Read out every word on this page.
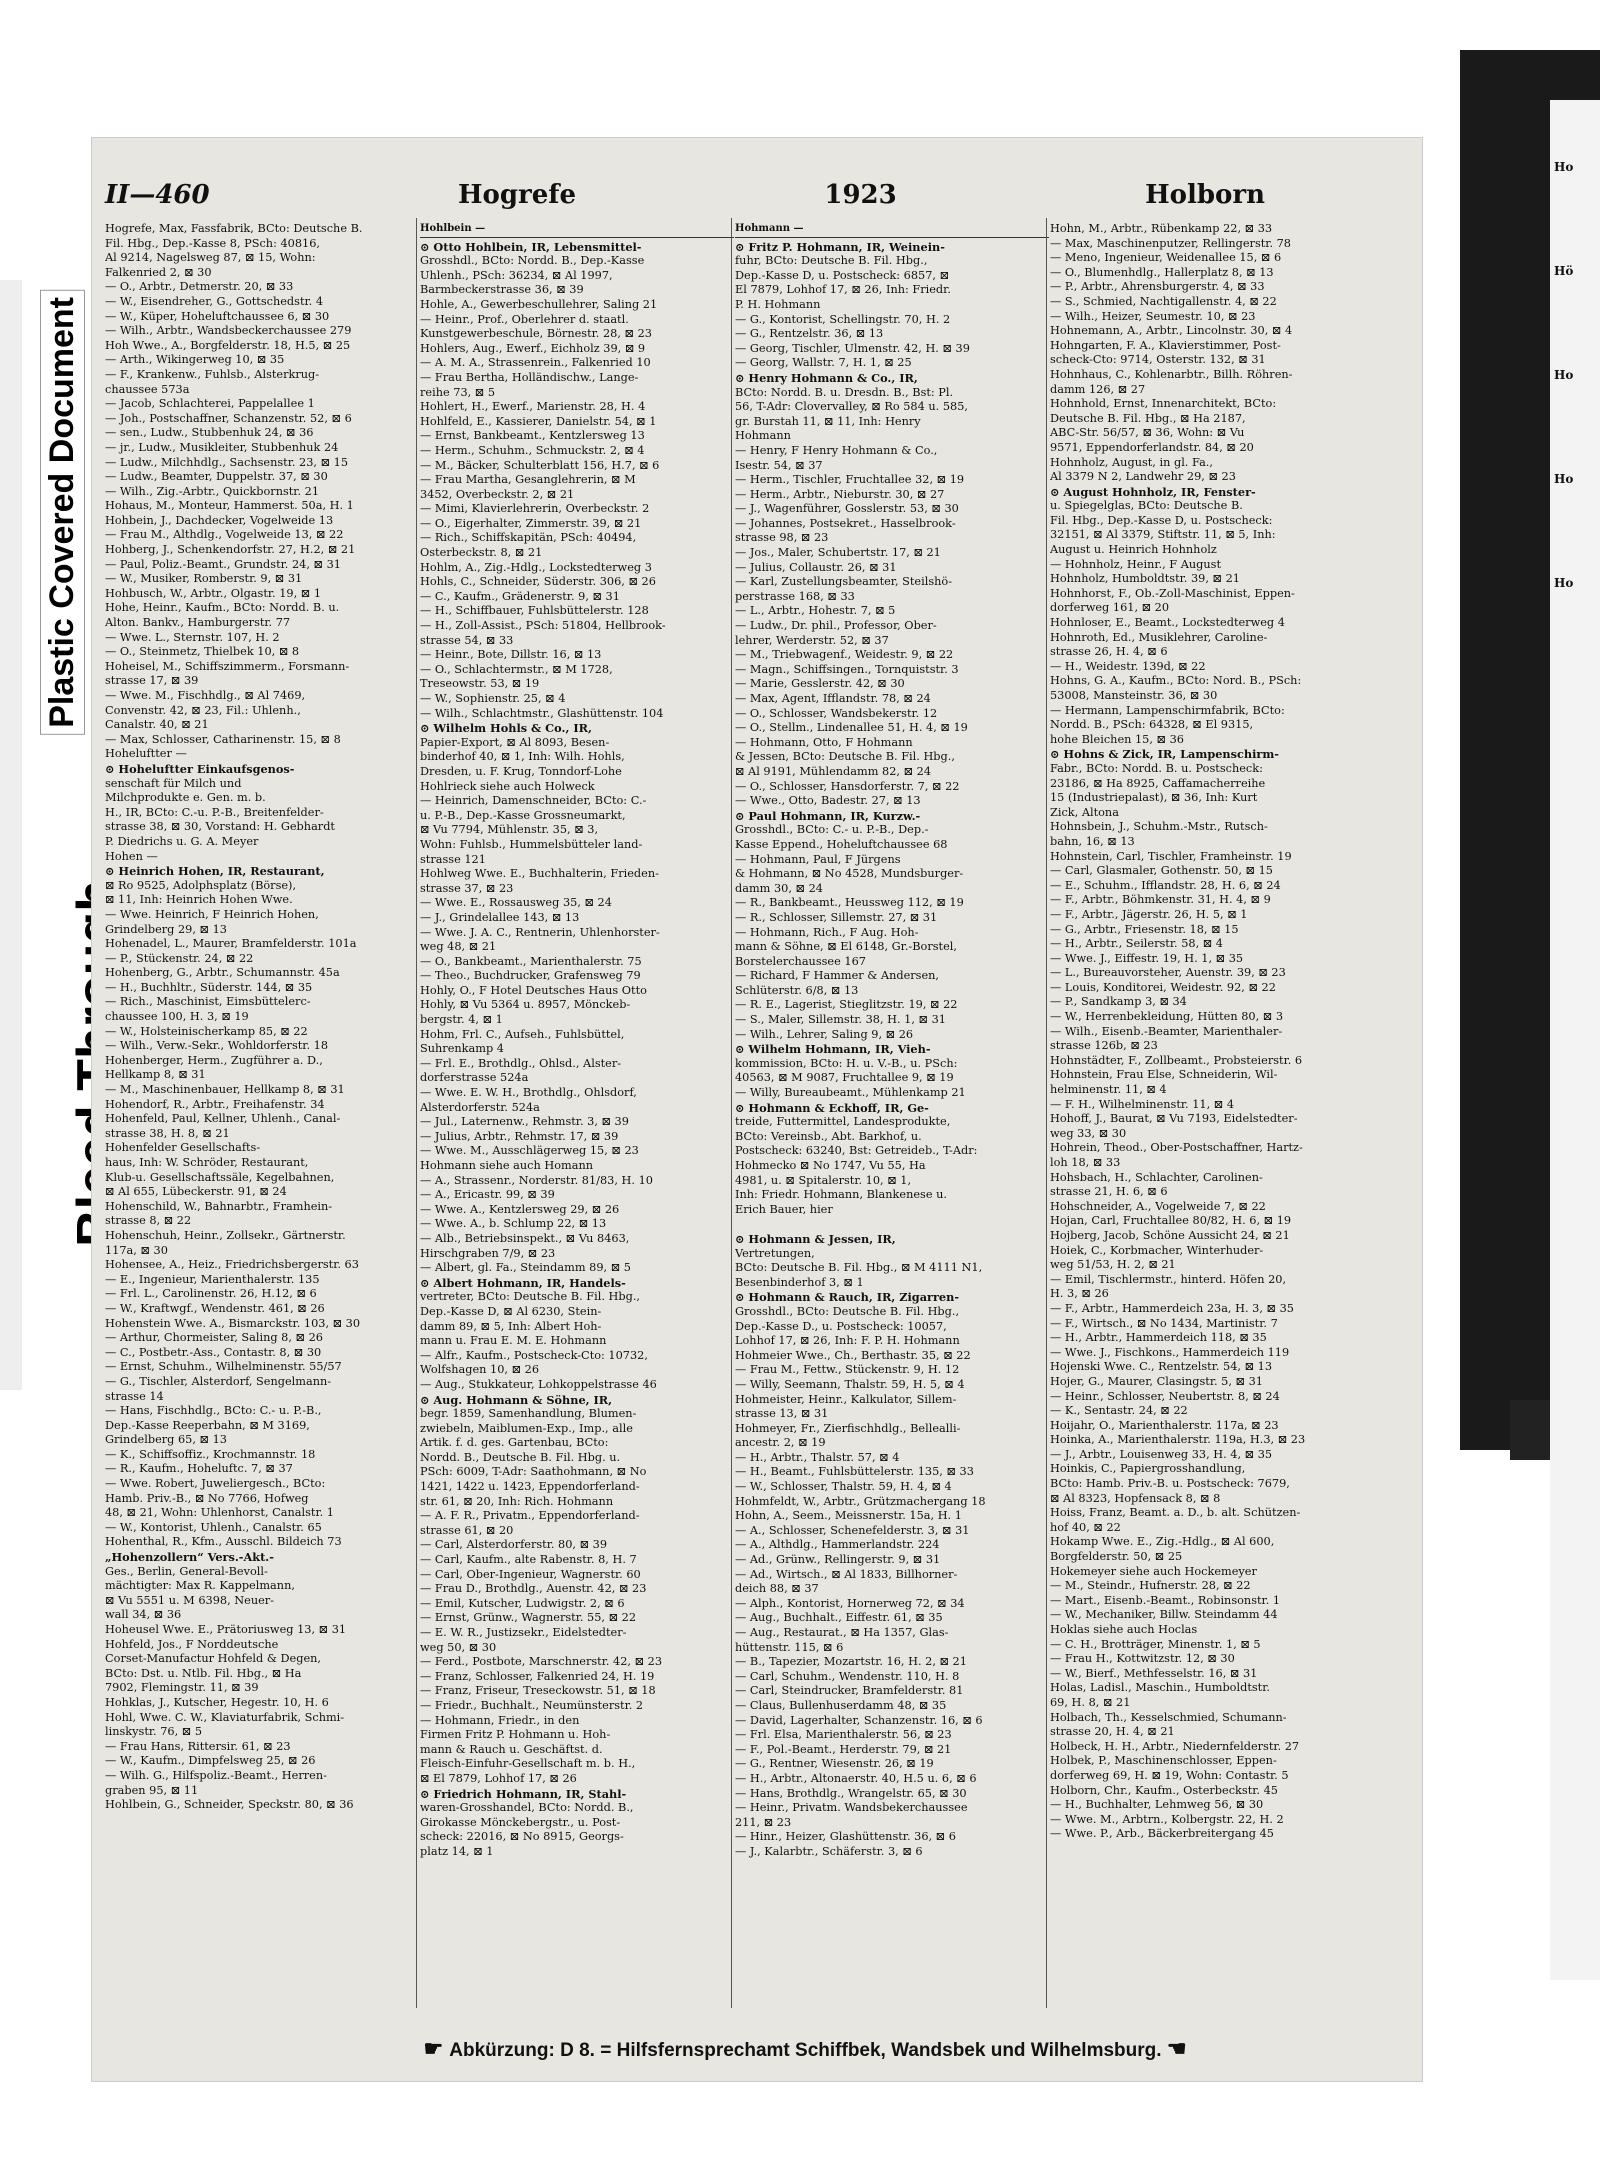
Plastic Covered Document
Ho
Hö
Ho
Ho
Ho
II—460	Hogrefe	1923	Holborn
Hogrefe, Max, Fassfabrik, BCto: Deutsche B.
Fil. Hbg., Dep.-Kasse 8, PSch: 40816,
Al 9214, Nagelsweg 87, ⊠ 15, Wohn:
Falkenried 2, ⊠ 30
— O., Arbtr., Detmerstr. 20, ⊠ 33
— W., Eisendreher, G., Gottschedstr. 4
— W., Küper, Hoheluftchaussee 6, ⊠ 30
— Wilh., Arbtr., Wandsbeckerchaussee 279
Hoh Wwe., A., Borgfelderstr. 18, H.5, ⊠ 25
— Arth., Wikingerweg 10, ⊠ 35
— F., Krankenw., Fuhlsb., Alsterkrug-
chaussee 573a
— Jacob, Schlachterei, Pappelallee 1
— Joh., Postschaffner, Schanzenstr. 52, ⊠ 6
— sen., Ludw., Stubbenhuk 24, ⊠ 36
— jr., Ludw., Musikleiter, Stubbenhuk 24
— Ludw., Milchhdlg., Sachsenstr. 23, ⊠ 15
— Ludw., Beamter, Duppelstr. 37, ⊠ 30
— Wilh., Zig.-Arbtr., Quickbornstr. 21
Hohaus, M., Monteur, Hammerst. 50a, H. 1
Hohbein, J., Dachdecker, Vogelweide 13
— Frau M., Althdlg., Vogelweide 13, ⊠ 22
Hohberg, J., Schenkendorfstr. 27, H.2, ⊠ 21
— Paul, Poliz.-Beamt., Grundstr. 24, ⊠ 31
— W., Musiker, Romberstr. 9, ⊠ 31
Hohbusch, W., Arbtr., Olgastr. 19, ⊠ 1
Hohe, Heinr., Kaufm., BCto: Nordd. B. u.
Alton. Bankv., Hamburgerstr. 77
— Wwe. L., Sternstr. 107, H. 2
— O., Steinmetz, Thielbek 10, ⊠ 8
Hoheisel, M., Schiffszimmerm., Forsmann-
strasse 17, ⊠ 39
— Wwe. M., Fischhdlg., ⊠ Al 7469,
Convenstr. 42, ⊠ 23, Fil.: Uhlenh.,
Canalstr. 40, ⊠ 21
— Max, Schlosser, Catharinenstr. 15, ⊠ 8
Hoheluftter —
⊙ Hoheluftter Einkaufsgenos-
senschaft für Milch und
Milchprodukte e. Gen. m. b.
H., IR, BCto: C.-u. P.-B., Breitenfelder-
strasse 38, ⊠ 30, Vorstand: H. Gebhardt
P. Diedrichs u. G. A. Meyer
Hohen —
⊙ Heinrich Hohen, IR, Restaurant,
⊠ Ro 9525, Adolphsplatz (Börse),
⊠ 11, Inh: Heinrich Hohen Wwe.
— Wwe. Heinrich, F Heinrich Hohen,
Grindelberg 29, ⊠ 13
Hohenadel, L., Maurer, Bramfelderstr. 101a
— P., Stückenstr. 24, ⊠ 22
Hohenberg, G., Arbtr., Schumannstr. 45a
— H., Buchhltr., Süderstr. 144, ⊠ 35
— Rich., Maschinist, Eimsbüttelerc-
chaussee 100, H. 3, ⊠ 19
— W., Holsteinischerkamp 85, ⊠ 22
— Wilh., Verw.-Sekr., Wohldorferstr. 18
Hohenberger, Herm., Zugführer a. D.,
Hellkamp 8, ⊠ 31
— M., Maschinenbauer, Hellkamp 8, ⊠ 31
Hohendorf, R., Arbtr., Freihafenstr. 34
Hohenfeld, Paul, Kellner, Uhlenh., Canal-
strasse 38, H. 8, ⊠ 21
Hohenfelder Gesellschafts-
haus, Inh: W. Schröder, Restaurant,
Klub-u. Gesellschaftssäle, Kegelbahnen,
⊠ Al 655, Lübeckerstr. 91, ⊠ 24
Hohenschild, W., Bahnarbtr., Framhein-
strasse 8, ⊠ 22
Hohenschuh, Heinr., Zollsekr., Gärtnerstr.
117a, ⊠ 30
Hohensee, A., Heiz., Friedrichsbergerstr. 63
— E., Ingenieur, Marienthalerstr. 135
— Frl. L., Carolinenstr. 26, H.12, ⊠ 6
— W., Kraftwgf., Wendenstr. 461, ⊠ 26
Hohenstein Wwe. A., Bismarckstr. 103, ⊠ 30
— Arthur, Chormeister, Saling 8, ⊠ 26
— C., Postbetr.-Ass., Contastr. 8, ⊠ 30
— Ernst, Schuhm., Wilhelminenstr. 55/57
— G., Tischler, Alsterdorf, Sengelmann-
strasse 14
— Hans, Fischhdlg., BCto: C.- u. P.-B.,
Dep.-Kasse Reeperbahn, ⊠ M 3169,
Grindelberg 65, ⊠ 13
— K., Schiffsoffiz., Krochmannstr. 18
— R., Kaufm., Hoheluftc. 7, ⊠ 37
— Wwe. Robert, Juweliergesch., BCto:
Hamb. Priv.-B., ⊠ No 7766, Hofweg
48, ⊠ 21, Wohn: Uhlenhorst, Canalstr. 1
— W., Kontorist, Uhlenh., Canalstr. 65
Hohenthal, R., Kfm., Ausschl. Bildeich 73
„Hohenzollern“ Vers.-Akt.-
Ges., Berlin, General-Bevoll-
mächtigter: Max R. Kappelmann,
⊠ Vu 5551 u. M 6398, Neuer-
wall 34, ⊠ 36
Hoheusel Wwe. E., Prätoriusweg 13, ⊠ 31
Hohfeld, Jos., F Norddeutsche
Corset-Manufactur Hohfeld & Degen,
BCto: Dst. u. Ntlb. Fil. Hbg., ⊠ Ha
7902, Flemingstr. 11, ⊠ 39
Hohklas, J., Kutscher, Hegestr. 10, H. 6
Hohl, Wwe. C. W., Klaviaturfabrik, Schmi-
linskystr. 76, ⊠ 5
— Frau Hans, Rittersir. 61, ⊠ 23
— W., Kaufm., Dimpfelsweg 25, ⊠ 26
— Wilh. G., Hilfspoliz.-Beamt., Herren-
graben 95, ⊠ 11
Hohlbein, G., Schneider, Speckstr. 80, ⊠ 36
Hohlbein —
⊙ Otto Hohlbein, IR, Lebensmittel-
Grosshdl., BCto: Nordd. B., Dep.-Kasse
Uhlenh., PSch: 36234, ⊠ Al 1997,
Barmbeckerstrasse 36, ⊠ 39
Hohle, A., Gewerbeschullehrer, Saling 21
— Heinr., Prof., Oberlehrer d. staatl.
Kunstgewerbeschule, Börnestr. 28, ⊠ 23
Hohlers, Aug., Ewerf., Eichholz 39, ⊠ 9
— A. M. A., Strassenrein., Falkenried 10
— Frau Bertha, Holländischw., Lange-
reihe 73, ⊠ 5
Hohlert, H., Ewerf., Marienstr. 28, H. 4
Hohlfeld, E., Kassierer, Danielstr. 54, ⊠ 1
— Ernst, Bankbeamt., Kentzlersweg 13
— Herm., Schuhm., Schmuckstr. 2, ⊠ 4
— M., Bäcker, Schulterblatt 156, H.7, ⊠ 6
— Frau Martha, Gesanglehrerin, ⊠ M
3452, Overbeckstr. 2, ⊠ 21
— Mimi, Klavierlehrerin, Overbeckstr. 2
— O., Eigerhalter, Zimmerstr. 39, ⊠ 21
— Rich., Schiffskapitän, PSch: 40494,
Osterbeckstr. 8, ⊠ 21
Hohlm, A., Zig.-Hdlg., Lockstedterweg 3
Hohls, C., Schneider, Süderstr. 306, ⊠ 26
— C., Kaufm., Grädenerstr. 9, ⊠ 31
— H., Schiffbauer, Fuhlsbüttelerstr. 128
— H., Zoll-Assist., PSch: 51804, Hellbrook-
strasse 54, ⊠ 33
— Heinr., Bote, Dillstr. 16, ⊠ 13
— O., Schlachtermstr., ⊠ M 1728,
Treseowstr. 53, ⊠ 19
— W., Sophienstr. 25, ⊠ 4
— Wilh., Schlachtmstr., Glashüttenstr. 104
⊙ Wilhelm Hohls & Co., IR,
Papier-Export, ⊠ Al 8093, Besen-
binderhof 40, ⊠ 1, Inh: Wilh. Hohls,
Dresden, u. F. Krug, Tonndorf-Lohe
Hohlrieck siehe auch Holweck
— Heinrich, Damenschneider, BCto: C.-
u. P.-B., Dep.-Kasse Grossneumarkt,
⊠ Vu 7794, Mühlenstr. 35, ⊠ 3,
Wohn: Fuhlsb., Hummelsbütteler land-
strasse 121
Hohlweg Wwe. E., Buchhalterin, Frieden-
strasse 37, ⊠ 23
— Wwe. E., Rossausweg 35, ⊠ 24
— J., Grindelallee 143, ⊠ 13
— Wwe. J. A. C., Rentnerin, Uhlenhorster-
weg 48, ⊠ 21
— O., Bankbeamt., Marienthalerstr. 75
— Theo., Buchdrucker, Grafensweg 79
Hohly, O., F Hotel Deutsches Haus Otto
Hohly, ⊠ Vu 5364 u. 8957, Mönckeb-
bergstr. 4, ⊠ 1
Hohm, Frl. C., Aufseh., Fuhlsbüttel,
Suhrenkamp 4
— Frl. E., Brothdlg., Ohlsd., Alster-
dorferstrasse 524a
— Wwe. E. W. H., Brothdlg., Ohlsdorf,
Alsterdorferstr. 524a
— Jul., Laternenw., Rehmstr. 3, ⊠ 39
— Julius, Arbtr., Rehmstr. 17, ⊠ 39
— Wwe. M., Ausschlägerweg 15, ⊠ 23
Hohmann siehe auch Homann
— A., Strassenr., Norderstr. 81/83, H. 10
— A., Ericastr. 99, ⊠ 39
— Wwe. A., Kentzlersweg 29, ⊠ 26
— Wwe. A., b. Schlump 22, ⊠ 13
— Alb., Betriebsinspekt., ⊠ Vu 8463,
Hirschgraben 7/9, ⊠ 23
— Albert, gl. Fa., Steindamm 89, ⊠ 5
⊙ Albert Hohmann, IR, Handels-
vertreter, BCto: Deutsche B. Fil. Hbg.,
Dep.-Kasse D, ⊠ Al 6230, Stein-
damm 89, ⊠ 5, Inh: Albert Hoh-
mann u. Frau E. M. E. Hohmann
— Alfr., Kaufm., Postscheck-Cto: 10732,
Wolfshagen 10, ⊠ 26
— Aug., Stukkateur, Lohkoppelstrasse 46
⊙ Aug. Hohmann & Söhne, IR,
begr. 1859, Samenhandlung, Blumen-
zwiebeln, Maiblumen-Exp., Imp., alle
Artik. f. d. ges. Gartenbau, BCto:
Nordd. B., Deutsche B. Fil. Hbg. u.
PSch: 6009, T-Adr: Saathohmann, ⊠ No
1421, 1422 u. 1423, Eppendorferland-
str. 61, ⊠ 20, Inh: Rich. Hohmann
— A. F. R., Privatm., Eppendorferland-
strasse 61, ⊠ 20
— Carl, Alsterdorferstr. 80, ⊠ 39
— Carl, Kaufm., alte Rabenstr. 8, H. 7
— Carl, Ober-Ingenieur, Wagnerstr. 60
— Frau D., Brothdlg., Auenstr. 42, ⊠ 23
— Emil, Kutscher, Ludwigstr. 2, ⊠ 6
— Ernst, Grünw., Wagnerstr. 55, ⊠ 22
— E. W. R., Justizsekr., Eidelstedter-
weg 50, ⊠ 30
— Ferd., Postbote, Marschnerstr. 42, ⊠ 23
— Franz, Schlosser, Falkenried 24, H. 19
— Franz, Friseur, Treseckowstr. 51, ⊠ 18
— Friedr., Buchhalt., Neumünsterstr. 2
— Hohmann, Friedr., in den
Firmen Fritz P. Hohmann u. Hoh-
mann & Rauch u. Geschäftst. d.
Fleisch-Einfuhr-Gesellschaft m. b. H.,
⊠ El 7879, Lohhof 17, ⊠ 26
⊙ Friedrich Hohmann, IR, Stahl-
waren-Grosshandel, BCto: Nordd. B.,
Girokasse Mönckebergstr., u. Post-
scheck: 22016, ⊠ No 8915, Georgs-
platz 14, ⊠ 1
Hohmann —
⊙ Fritz P. Hohmann, IR, Weinein-
fuhr, BCto: Deutsche B. Fil. Hbg.,
Dep.-Kasse D, u. Postscheck: 6857, ⊠
El 7879, Lohhof 17, ⊠ 26, Inh: Friedr.
P. H. Hohmann
— G., Kontorist, Schellingstr. 70, H. 2
— G., Rentzelstr. 36, ⊠ 13
— Georg, Tischler, Ulmenstr. 42, H. ⊠ 39
— Georg, Wallstr. 7, H. 1, ⊠ 25
⊙ Henry Hohmann & Co., IR,
BCto: Nordd. B. u. Dresdn. B., Bst: Pl.
56, T-Adr: Clovervalley, ⊠ Ro 584 u. 585,
gr. Burstah 11, ⊠ 11, Inh: Henry
Hohmann
— Henry, F Henry Hohmann & Co.,
Isestr. 54, ⊠ 37
— Herm., Tischler, Fruchtallee 32, ⊠ 19
— Herm., Arbtr., Nieburstr. 30, ⊠ 27
— J., Wagenführer, Gosslerstr. 53, ⊠ 30
— Johannes, Postsekret., Hasselbrook-
strasse 98, ⊠ 23
— Jos., Maler, Schubertstr. 17, ⊠ 21
— Julius, Collaustr. 26, ⊠ 31
— Karl, Zustellungsbeamter, Steilshö-
perstrasse 168, ⊠ 33
— L., Arbtr., Hohestr. 7, ⊠ 5
— Ludw., Dr. phil., Professor, Ober-
lehrer, Werderstr. 52, ⊠ 37
— M., Triebwagenf., Weidestr. 9, ⊠ 22
— Magn., Schiffsingen., Tornquiststr. 3
— Marie, Gesslerstr. 42, ⊠ 30
— Max, Agent, Ifflandstr. 78, ⊠ 24
— O., Schlosser, Wandsbekerstr. 12
— O., Stellm., Lindenallee 51, H. 4, ⊠ 19
— Hohmann, Otto, F Hohmann
& Jessen, BCto: Deutsche B. Fil. Hbg.,
⊠ Al 9191, Mühlendamm 82, ⊠ 24
— O., Schlosser, Hansdorferstr. 7, ⊠ 22
— Wwe., Otto, Badestr. 27, ⊠ 13
⊙ Paul Hohmann, IR, Kurzw.-
Grosshdl., BCto: C.- u. P.-B., Dep.-
Kasse Eppend., Hoheluftchaussee 68
— Hohmann, Paul, F Jürgens
& Hohmann, ⊠ No 4528, Mundsburger-
damm 30, ⊠ 24
— R., Bankbeamt., Heussweg 112, ⊠ 19
— R., Schlosser, Sillemstr. 27, ⊠ 31
— Hohmann, Rich., F Aug. Hoh-
mann & Söhne, ⊠ El 6148, Gr.-Borstel,
Borstelerchaussee 167
— Richard, F Hammer & Andersen,
Schlüterstr. 6/8, ⊠ 13
— R. E., Lagerist, Stieglitzstr. 19, ⊠ 22
— S., Maler, Sillemstr. 38, H. 1, ⊠ 31
— Wilh., Lehrer, Saling 9, ⊠ 26
⊙ Wilhelm Hohmann, IR, Vieh-
kommission, BCto: H. u. V.-B., u. PSch:
40563, ⊠ M 9087, Fruchtallee 9, ⊠ 19
— Willy, Bureaubeamt., Mühlenkamp 21
⊙ Hohmann & Eckhoff, IR, Ge-
treide, Futtermittel, Landesprodukte,
BCto: Vereinsb., Abt. Barkhof, u.
Postscheck: 63240, Bst: Getreideb., T-Adr:
Hohmecko ⊠ No 1747, Vu 55, Ha
4981, u. ⊠ Spitalerstr. 10, ⊠ 1,
Inh: Friedr. Hohmann, Blankenese u.
Erich Bauer, hier

⊙ Hohmann & Jessen, IR,
Vertretungen,
BCto: Deutsche B. Fil. Hbg., ⊠ M 4111 N1,
Besenbinderhof 3, ⊠ 1
⊙ Hohmann & Rauch, IR, Zigarren-
Grosshdl., BCto: Deutsche B. Fil. Hbg.,
Dep.-Kasse D., u. Postscheck: 10057,
Lohhof 17, ⊠ 26, Inh: F. P. H. Hohmann
Hohmeier Wwe., Ch., Berthastr. 35, ⊠ 22
— Frau M., Fettw., Stückenstr. 9, H. 12
— Willy, Seemann, Thalstr. 59, H. 5, ⊠ 4
Hohmeister, Heinr., Kalkulator, Sillem-
strasse 13, ⊠ 31
Hohmeyer, Fr., Zierfischhdlg., Bellealli-
ancestr. 2, ⊠ 19
— H., Arbtr., Thalstr. 57, ⊠ 4
— H., Beamt., Fuhlsbüttelerstr. 135, ⊠ 33
— W., Schlosser, Thalstr. 59, H. 4, ⊠ 4
Hohmfeldt, W., Arbtr., Grützmachergang 18
Hohn, A., Seem., Meissnerstr. 15a, H. 1
— A., Schlosser, Schenefelderstr. 3, ⊠ 31
— A., Althdlg., Hammerlandstr. 224
— Ad., Grünw., Rellingerstr. 9, ⊠ 31
— Ad., Wirtsch., ⊠ Al 1833, Billhorner-
deich 88, ⊠ 37
— Alph., Kontorist, Hornerweg 72, ⊠ 34
— Aug., Buchhalt., Eiffestr. 61, ⊠ 35
— Aug., Restaurat., ⊠ Ha 1357, Glas-
hüttenstr. 115, ⊠ 6
— B., Tapezier, Mozartstr. 16, H. 2, ⊠ 21
— Carl, Schuhm., Wendenstr. 110, H. 8
— Carl, Steindrucker, Bramfelderstr. 81
— Claus, Bullenhuserdamm 48, ⊠ 35
— David, Lagerhalter, Schanzenstr. 16, ⊠ 6
— Frl. Elsa, Marienthalerstr. 56, ⊠ 23
— F., Pol.-Beamt., Herderstr. 79, ⊠ 21
— G., Rentner, Wiesenstr. 26, ⊠ 19
— H., Arbtr., Altonaerstr. 40, H.5 u. 6, ⊠ 6
— Hans, Brothdlg., Wrangelstr. 65, ⊠ 30
— Heinr., Privatm. Wandsbekerchaussee
211, ⊠ 23
— Hinr., Heizer, Glashüttenstr. 36, ⊠ 6
— J., Kalarbtr., Schäferstr. 3, ⊠ 6
Hohn, M., Arbtr., Rübenkamp 22, ⊠ 33
— Max, Maschinenputzer, Rellingerstr. 78
— Meno, Ingenieur, Weidenallee 15, ⊠ 6
— O., Blumenhdlg., Hallerplatz 8, ⊠ 13
— P., Arbtr., Ahrensburgerstr. 4, ⊠ 33
— S., Schmied, Nachtigallenstr. 4, ⊠ 22
— Wilh., Heizer, Seumestr. 10, ⊠ 23
Hohnemann, A., Arbtr., Lincolnstr. 30, ⊠ 4
Hohngarten, F. A., Klavierstimmer, Post-
scheck-Cto: 9714, Osterstr. 132, ⊠ 31
Hohnhaus, C., Kohlenarbtr., Billh. Röhren-
damm 126, ⊠ 27
Hohnhold, Ernst, Innenarchitekt, BCto:
Deutsche B. Fil. Hbg., ⊠ Ha 2187,
ABC-Str. 56/57, ⊠ 36, Wohn: ⊠ Vu
9571, Eppendorferlandstr. 84, ⊠ 20
Hohnholz, August, in gl. Fa.,
Al 3379 N 2, Landwehr 29, ⊠ 23
⊙ August Hohnholz, IR, Fenster-
u. Spiegelglas, BCto: Deutsche B.
Fil. Hbg., Dep.-Kasse D, u. Postscheck:
32151, ⊠ Al 3379, Stiftstr. 11, ⊠ 5, Inh:
August u. Heinrich Hohnholz
— Hohnholz, Heinr., F August
Hohnholz, Humboldtstr. 39, ⊠ 21
Hohnhorst, F., Ob.-Zoll-Maschinist, Eppen-
dorferweg 161, ⊠ 20
Hohnloser, E., Beamt., Lockstedterweg 4
Hohnroth, Ed., Musiklehrer, Caroline-
strasse 26, H. 4, ⊠ 6
— H., Weidestr. 139d, ⊠ 22
Hohns, G. A., Kaufm., BCto: Nord. B., PSch:
53008, Mansteinstr. 36, ⊠ 30
— Hermann, Lampenschirmfabrik, BCto:
Nordd. B., PSch: 64328, ⊠ El 9315,
hohe Bleichen 15, ⊠ 36
⊙ Hohns & Zick, IR, Lampenschirm-
Fabr., BCto: Nordd. B. u. Postscheck:
23186, ⊠ Ha 8925, Caffamacherreihe
15 (Industriepalast), ⊠ 36, Inh: Kurt
Zick, Altona
Hohnsbein, J., Schuhm.-Mstr., Rutsch-
bahn, 16, ⊠ 13
Hohnstein, Carl, Tischler, Framheinstr. 19
— Carl, Glasmaler, Gothenstr. 50, ⊠ 15
— E., Schuhm., Ifflandstr. 28, H. 6, ⊠ 24
— F., Arbtr., Böhmkenstr. 31, H. 4, ⊠ 9
— F., Arbtr., Jägerstr. 26, H. 5, ⊠ 1
— G., Arbtr., Friesenstr. 18, ⊠ 15
— H., Arbtr., Seilerstr. 58, ⊠ 4
— Wwe. J., Eiffestr. 19, H. 1, ⊠ 35
— L., Bureauvorsteher, Auenstr. 39, ⊠ 23
— Louis, Konditorei, Weidestr. 92, ⊠ 22
— P., Sandkamp 3, ⊠ 34
— W., Herrenbekleidung, Hütten 80, ⊠ 3
— Wilh., Eisenb.-Beamter, Marienthaler-
strasse 126b, ⊠ 23
Hohnstädter, F., Zollbeamt., Probsteierstr. 6
Hohnstein, Frau Else, Schneiderin, Wil-
helminenstr. 11, ⊠ 4
— F. H., Wilhelminenstr. 11, ⊠ 4
Hohoff, J., Baurat, ⊠ Vu 7193, Eidelstedter-
weg 33, ⊠ 30
Hohrein, Theod., Ober-Postschaffner, Hartz-
loh 18, ⊠ 33
Hohsbach, H., Schlachter, Carolinen-
strasse 21, H. 6, ⊠ 6
Hohschneider, A., Vogelweide 7, ⊠ 22
Hojan, Carl, Fruchtallee 80/82, H. 6, ⊠ 19
Hojberg, Jacob, Schöne Aussicht 24, ⊠ 21
Hoiek, C., Korbmacher, Winterhuder-
weg 51/53, H. 2, ⊠ 21
— Emil, Tischlermstr., hinterd. Höfen 20,
H. 3, ⊠ 26
— F., Arbtr., Hammerdeich 23a, H. 3, ⊠ 35
— F., Wirtsch., ⊠ No 1434, Martinistr. 7
— H., Arbtr., Hammerdeich 118, ⊠ 35
— Wwe. J., Fischkons., Hammerdeich 119
Hojenski Wwe. C., Rentzelstr. 54, ⊠ 13
Hojer, G., Maurer, Clasingstr. 5, ⊠ 31
— Heinr., Schlosser, Neubertstr. 8, ⊠ 24
— K., Sentastr. 24, ⊠ 22
Hoijahr, O., Marienthalerstr. 117a, ⊠ 23
Hoinka, A., Marienthalerstr. 119a, H.3, ⊠ 23
— J., Arbtr., Louisenweg 33, H. 4, ⊠ 35
Hoinkis, C., Papiergrosshandlung,
BCto: Hamb. Priv.-B. u. Postscheck: 7679,
⊠ Al 8323, Hopfensack 8, ⊠ 8
Hoiss, Franz, Beamt. a. D., b. alt. Schützen-
hof 40, ⊠ 22
Hokamp Wwe. E., Zig.-Hdlg., ⊠ Al 600,
Borgfelderstr. 50, ⊠ 25
Hokemeyer siehe auch Hockemeyer
— M., Steindr., Hufnerstr. 28, ⊠ 22
— Mart., Eisenb.-Beamt., Robinsonstr. 1
— W., Mechaniker, Billw. Steindamm 44
Hoklas siehe auch Hoclas
— C. H., Brotträger, Minenstr. 1, ⊠ 5
— Frau H., Kottwitzstr. 12, ⊠ 30
— W., Bierf., Methfesselstr. 16, ⊠ 31
Holas, Ladisl., Maschin., Humboldtstr.
69, H. 8, ⊠ 21
Holbach, Th., Kesselschmied, Schumann-
strasse 20, H. 4, ⊠ 21
Holbeck, H. H., Arbtr., Niedernfelderstr. 27
Holbek, P., Maschinenschlosser, Eppen-
dorferweg 69, H. ⊠ 19, Wohn: Contastr. 5
Holborn, Chr., Kaufm., Osterbeckstr. 45
— H., Buchhalter, Lehmweg 56, ⊠ 30
— Wwe. M., Arbtrn., Kolbergstr. 22, H. 2
— Wwe. P., Arb., Bäckerbreitergang 45
☛ Abkürzung: D 8. = Hilfsfernsprechamt Schiffbek, Wandsbek und Wilhelmsburg. ☚
